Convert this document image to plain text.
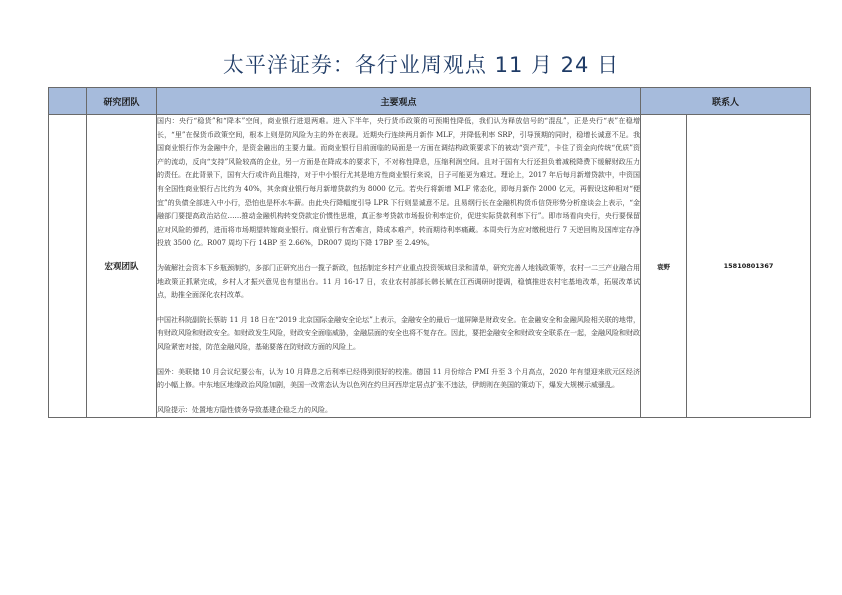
太平洋证券：各行业周观点 11 月 24 日
	研究团队	主要观点	联系人	
	宏观团队	国内：央行“稳货”和“降本”空间，商业银行进退两难。进入下半年，央行货币政策的可预期性降低，我们认为释放信号的“混乱”，正是央行“表”在稳增长，“里”在保货币政策空间，根本上则是防风险为主的外在表现。近期央行连续两月新作 MLF，并降低利率 SRP，引导预期的同时，稳增长诚意不足。我国商业银行作为金融中介，是资金融出的主要力量。而商业银行目前面临的局面是一方面在调结构政策要求下的被动“资产荒”，卡住了资金向传统“优质”资产的流动，反向“支持”风险较高的企业，另一方面是在降成本的要求下，不对称性降息，压缩利润空间。且对于国有大行还担负着减税降费下缓解财政压力的责任。在此背景下，国有大行或许尚且维持，对于中小银行尤其是地方性商业银行来说，日子可能更为难过。理论上，2017 年后每月新增贷款中，中资国有全国性商业银行占比约为 40%，其余商业银行每月新增贷款约为 8000 亿元。若央行将新增 MLF 常态化，即每月新作 2000 亿元，再假设这种相对“便宜”的负债全部进入中小行，恐怕也是杯水车薪。由此央行降幅度引导 LPR 下行则显诚意不足。且易纲行长在金融机构货币信贷形势分析座谈会上表示，“金融部门要提高政治站位……推动金融机构转变贷款定价惯性思维，真正参考贷款市场报价利率定价，促进实际贷款利率下行”。即市场看向央行，央行要保留应对风险的弹药，进而将市场期望转嫁商业银行。商业银行有苦难言，降成本难产，转而期待利率痛藏。本周央行为应对缴税进行 7 天逆回购及国库定存净投放 3500 亿。R007 周均下行 14BP 至 2.66%，DR007 周均下降 17BP 至 2.49%。

为破解社会资本下乡瓶颈制约，多部门正研究出台一揽子新政，包括制定乡村产业重点投资领域目录和清单，研究完善人地钱政策等，农村一二三产业融合用地政策正抓紧完成，乡村人才振兴意见也有望出台。11 月 16-17 日，农业农村部部长韩长赋在江西调研时提调，稳慎推进农村宅基地改革，拓展改革试点，助推全面深化农村改革。

中国社科院副院长蔡昉 11 月 18 日在“2019 北京国际金融安全论坛”上表示，金融安全的最后一道屏障是财政安全。在金融安全和金融风险相关联的地带，有财政风险和财政安全。如财政发生风险，财政安全面临威胁，金融层面的安全也将不复存在。因此，要把金融安全和财政安全联系在一起，金融风险和财政风险紧密对接，防范金融风险，基础要落在防财政方面的风险上。

国外：美联储 10 月会议纪要公布，认为 10 月降息之后利率已经得到很好的校准。德国 11 月份综合 PMI 升至 3 个月高点，2020 年有望迎来欧元区经济的小幅上修。中东地区地缘政治风险加剧，美国一改常态认为以色列在约旦河西岸定居点扩张不违法，伊朗则在美国的策动下，爆发大规模示威骚乱。

风险提示：处置地方隐性债务导致基建企稳乏力的风险。	袁野	15810801367
